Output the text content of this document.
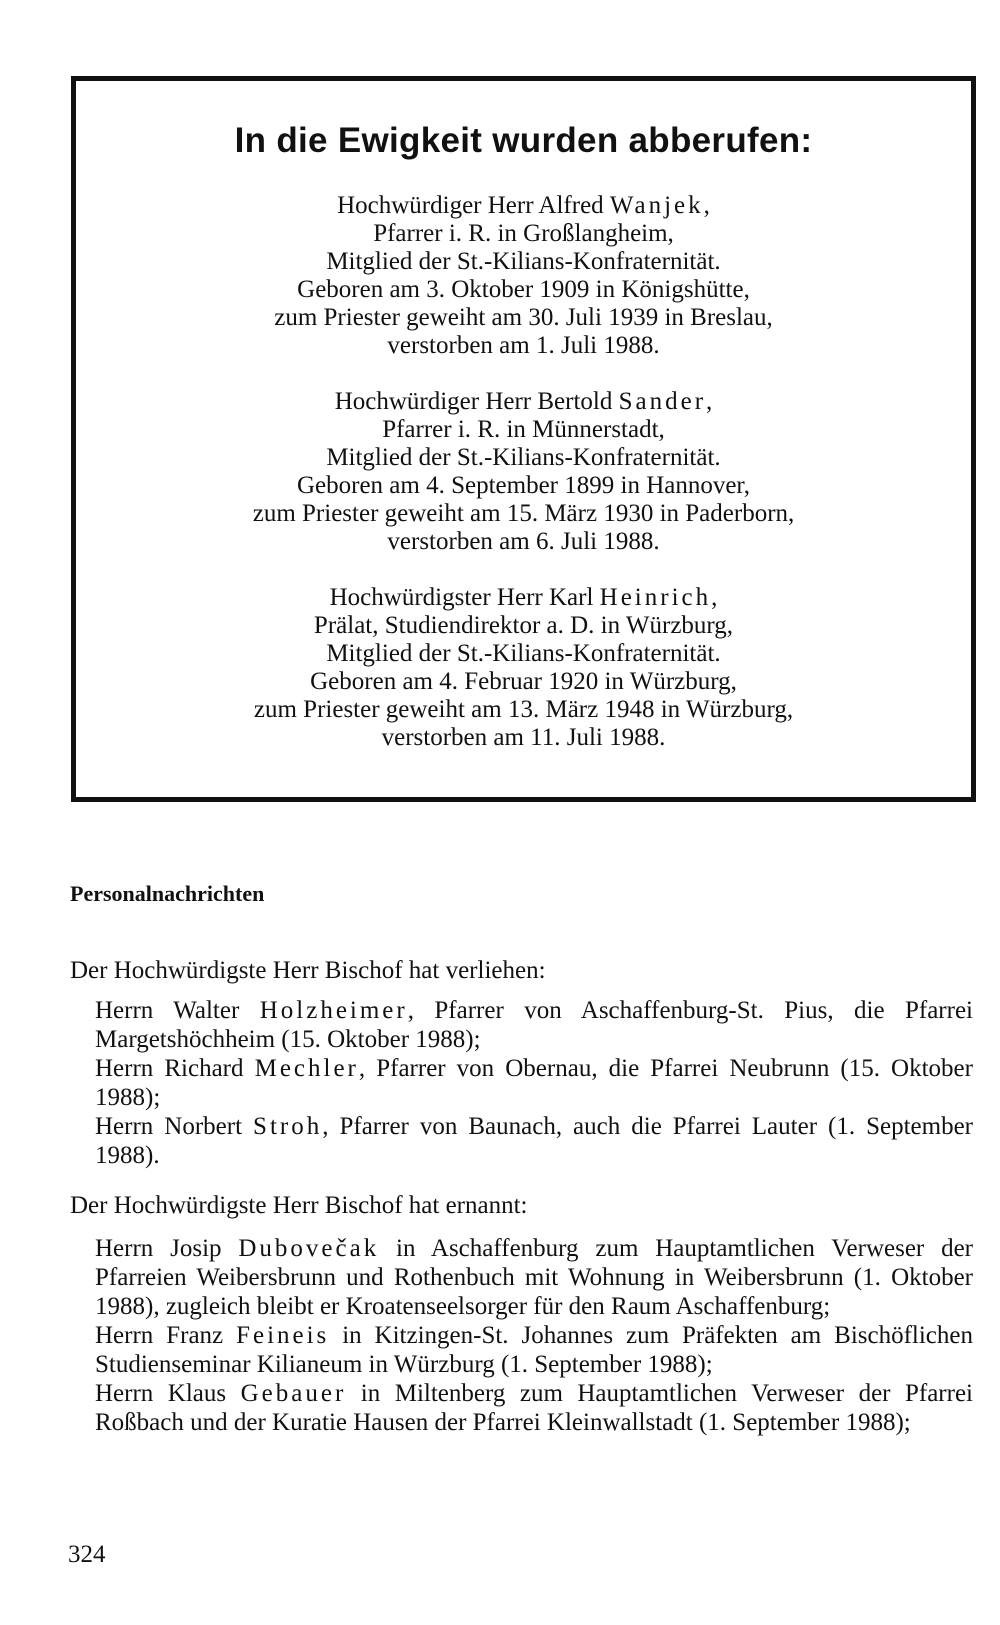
In die Ewigkeit wurden abberufen:
Hochwürdiger Herr Alfred Wanjek,
Pfarrer i. R. in Großlangheim,
Mitglied der St.-Kilians-Konfraternität.
Geboren am 3. Oktober 1909 in Königshütte,
zum Priester geweiht am 30. Juli 1939 in Breslau,
verstorben am 1. Juli 1988.
Hochwürdiger Herr Bertold Sander,
Pfarrer i. R. in Münnerstadt,
Mitglied der St.-Kilians-Konfraternität.
Geboren am 4. September 1899 in Hannover,
zum Priester geweiht am 15. März 1930 in Paderborn,
verstorben am 6. Juli 1988.
Hochwürdigster Herr Karl Heinrich,
Prälat, Studiendirektor a. D. in Würzburg,
Mitglied der St.-Kilians-Konfraternität.
Geboren am 4. Februar 1920 in Würzburg,
zum Priester geweiht am 13. März 1948 in Würzburg,
verstorben am 11. Juli 1988.
Personalnachrichten
Der Hochwürdigste Herr Bischof hat verliehen:
Herrn Walter Holzheimer, Pfarrer von Aschaffenburg-St. Pius, die Pfarrei Margetshöchheim (15. Oktober 1988);
Herrn Richard Mechler, Pfarrer von Obernau, die Pfarrei Neubrunn (15. Oktober 1988);
Herrn Norbert Stroh, Pfarrer von Baunach, auch die Pfarrei Lauter (1. September 1988).
Der Hochwürdigste Herr Bischof hat ernannt:
Herrn Josip Dubovečak in Aschaffenburg zum Hauptamtlichen Verweser der Pfarreien Weibersbrunn und Rothenbuch mit Wohnung in Weibersbrunn (1. Oktober 1988), zugleich bleibt er Kroatenseelsorger für den Raum Aschaffenburg;
Herrn Franz Feineis in Kitzingen-St. Johannes zum Präfekten am Bischöflichen Studienseminar Kilianeum in Würzburg (1. September 1988);
Herrn Klaus Gebauer in Miltenberg zum Hauptamtlichen Verweser der Pfarrei Roßbach und der Kuratie Hausen der Pfarrei Kleinwallstadt (1. September 1988);
324
